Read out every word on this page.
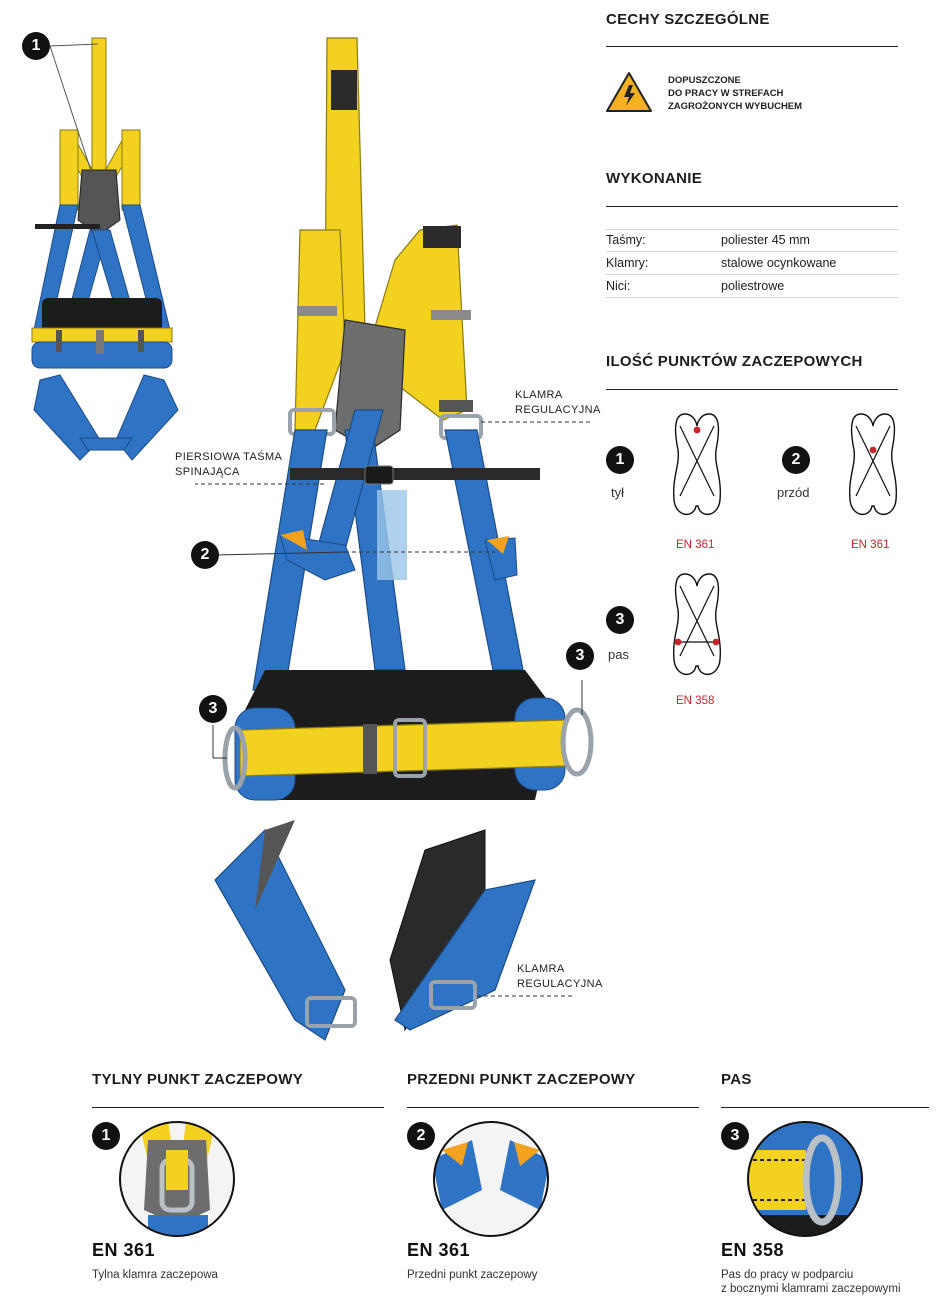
1
PIERSIOWA TAŚMA
SPINAJĄCA
KLAMRA
REGULACYJNA
KLAMRA
REGULACYJNA
2
3
3
CECHY SZCZEGÓLNE
DOPUSZCZONE
DO PRACY W STREFACH
ZAGROŻONYCH WYBUCHEM
WYKONANIE
Taśmy:	poliester 45 mm
Klamry:	stalowe ocynkowane
Nici:	poliestrowe
ILOŚĆ PUNKTÓW ZACZEPOWYCH
1
tył
EN 361
2
przód
EN 361
3
pas
EN 358
TYLNY PUNKT ZACZEPOWY
1
EN 361
Tylna klamra zaczepowa
PRZEDNI PUNKT ZACZEPOWY
2
EN 361
Przedni punkt zaczepowy
PAS
3
EN 358
Pas do pracy w podparciu
z bocznymi klamrami zaczepowymi
